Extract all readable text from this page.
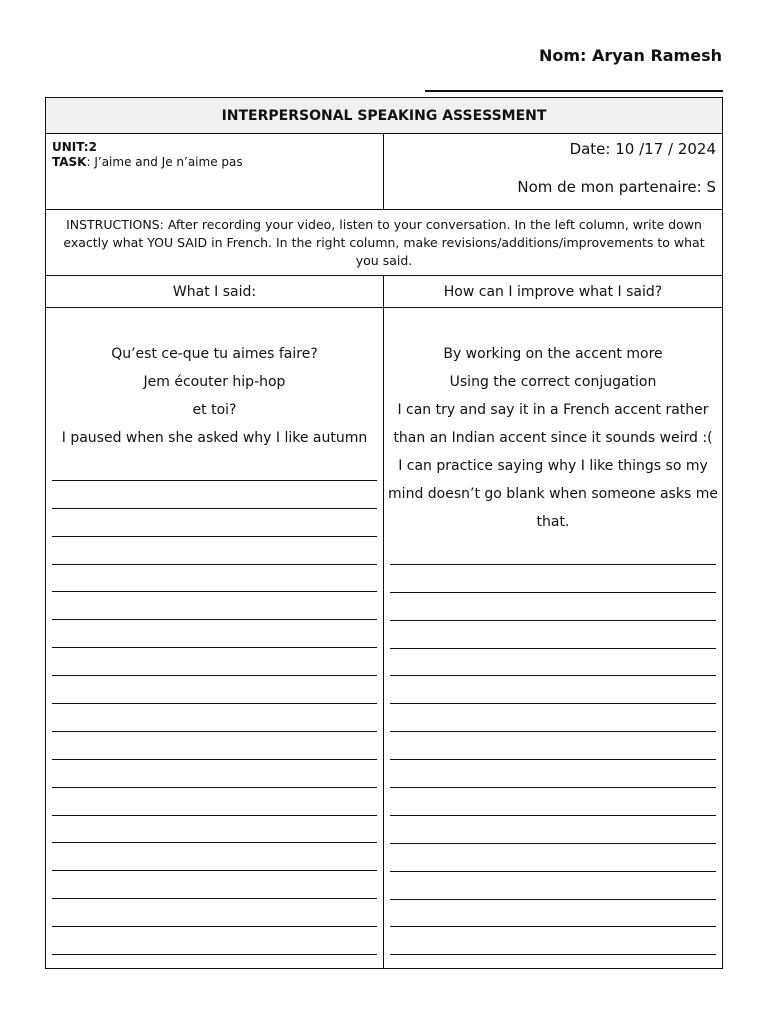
Nom: Aryan Ramesh
INTERPERSONAL SPEAKING ASSESSMENT
UNIT:2
TASK: J’aime and Je n’aime pas
Date: 10 /17 / 2024
Nom de mon partenaire: S
INSTRUCTIONS: After recording your video, listen to your conversation. In the left column, write down exactly what YOU SAID in French. In the right column, make revisions/additions/improvements to what you said.
What I said:	How can I improve what I said?
Qu’est ce-que tu aimes faire?
Jem écouter hip-hop
et toi?
I paused when she asked why I like autumn
By working on the accent more
Using the correct conjugation
I can try and say it in a French accent rather
than an Indian accent since it sounds weird :(
I can practice saying why I like things so my
mind doesn’t go blank when someone asks me
that.
